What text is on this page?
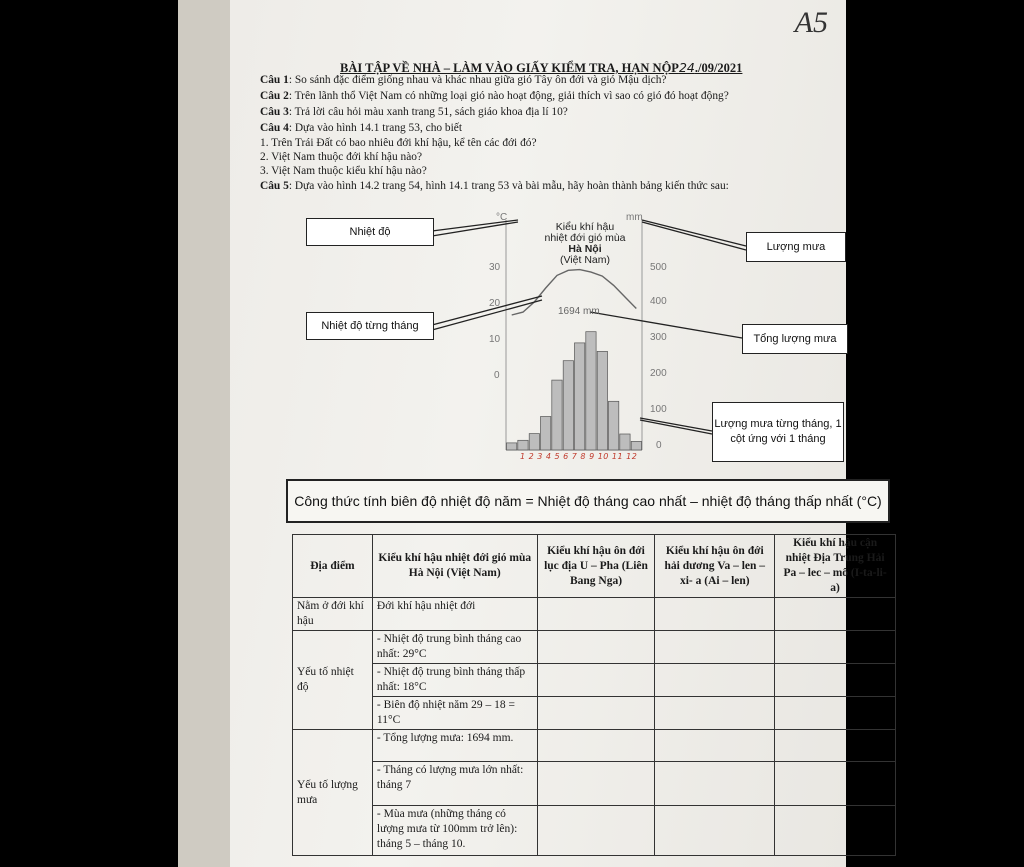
A5
BÀI TẬP VỀ NHÀ – LÀM VÀO GIẤY KIỂM TRA, HẠN NỘP24./09/2021
Câu 1: So sánh đặc điểm giống nhau và khác nhau giữa gió Tây ôn đới và gió Mậu dịch?
Câu 2: Trên lãnh thổ Việt Nam có những loại gió nào hoạt động, giải thích vì sao có gió đó hoạt động?
Câu 3: Trả lời câu hỏi màu xanh trang 51, sách giáo khoa địa lí 10?
Câu 4: Dựa vào hình 14.1 trang 53, cho biết
1. Trên Trái Đất có bao nhiêu đới khí hậu, kể tên các đới đó?
2. Việt Nam thuộc đới khí hậu nào?
3. Việt Nam thuộc kiểu khí hậu nào?
Câu 5: Dựa vào hình 14.2 trang 54, hình 14.1 trang 53 và bài mẫu, hãy hoàn thành bảng kiến thức sau:
Kiểu khí hậu
nhiệt đới gió mùa
Hà Nội
(Việt Nam)
°C	mm
30
20
10
0
500
400
300
200
100
0
1694 mm
1 2 3 4 5 6 7 8 9 10 11 12
Nhiệt độ
Lượng mưa
Nhiệt độ từng tháng
Tổng lượng mưa
Lượng mưa từng tháng, 1 cột ứng với 1 tháng
Công thức tính biên độ nhiệt độ năm = Nhiệt độ tháng cao nhất – nhiệt độ tháng thấp nhất (°C)
Địa điểm	Kiểu khí hậu nhiệt đới gió mùa Hà Nội (Việt Nam)	Kiểu khí hậu ôn đới lục địa U – Pha (Liên Bang Nga)	Kiểu khí hậu ôn đới hải dương Va – len – xi- a (Ai – len)	Kiểu khí hậu cận nhiệt Địa Trung Hải Pa – lec – mô (I-ta-li-a)
Nằm ở đới khí hậu	Đới khí hậu nhiệt đới			
Yếu tố nhiệt độ	- Nhiệt độ trung bình tháng cao nhất: 29°C			
	- Nhiệt độ trung bình tháng thấp nhất: 18°C			
	- Biên độ nhiệt năm 29 – 18 = 11°C			
Yếu tố lượng mưa	- Tổng lượng mưa: 1694 mm.			
	- Tháng có lượng mưa lớn nhất: tháng 7			
	- Mùa mưa (những tháng có lượng mưa từ 100mm trở lên): tháng 5 – tháng 10.			
